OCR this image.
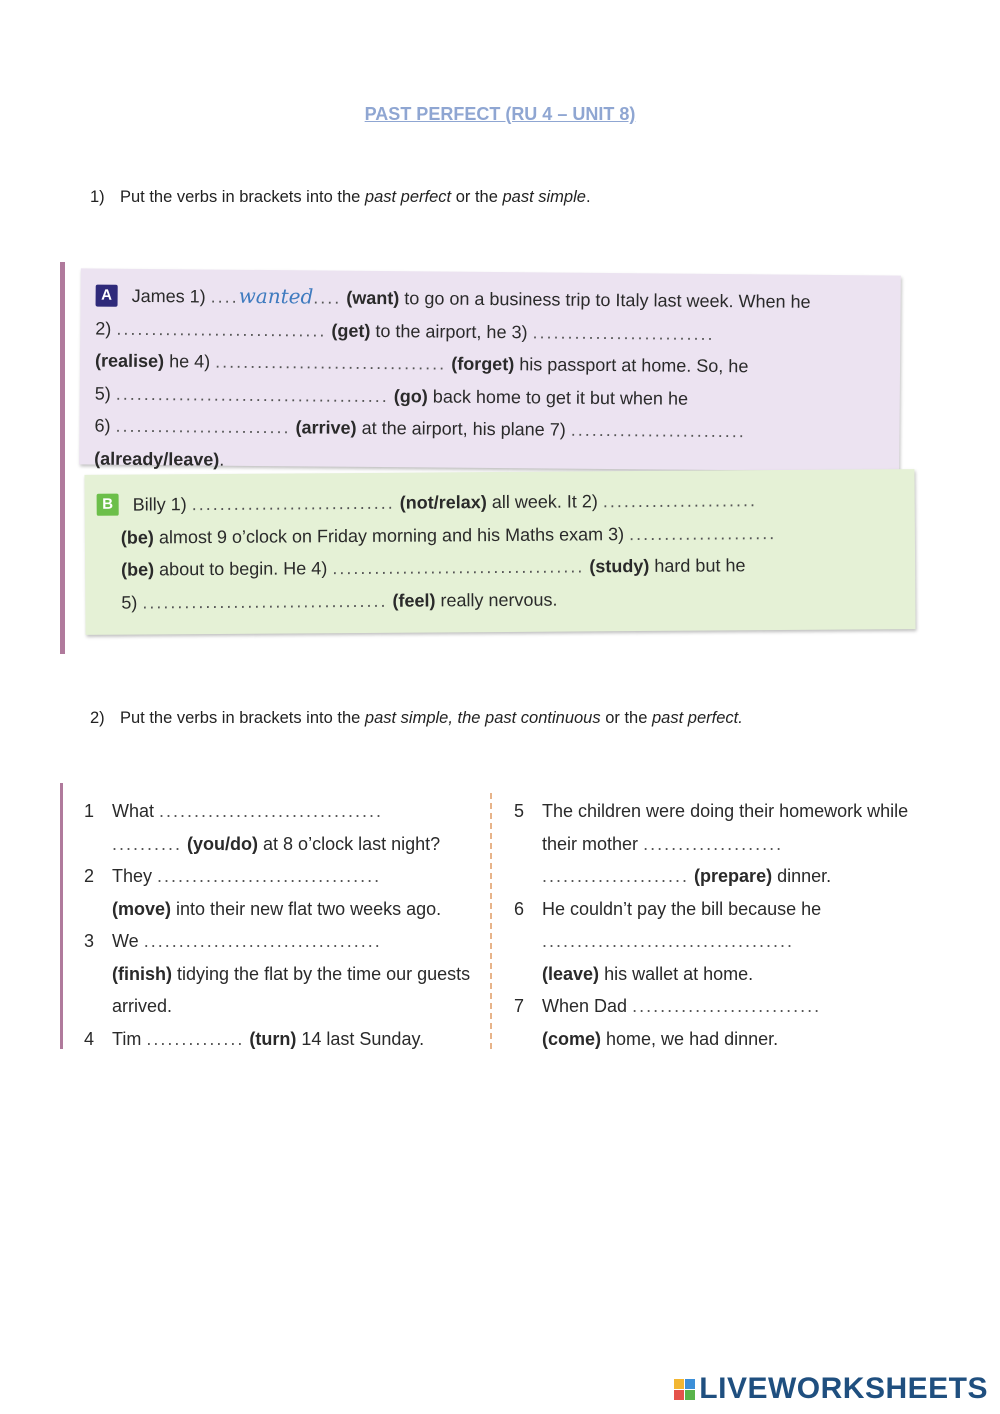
PAST PERFECT (RU 4 – UNIT 8)
1) Put the verbs in brackets into the past perfect or the past simple.
A James 1) ....wanted.... (want) to go on a business trip to Italy last week. When he
2) .............................. (get) to the airport, he 3) ..........................
(realise) he 4) ................................. (forget) his passport at home. So, he
5) ....................................... (go) back home to get it but when he
6) ......................... (arrive) at the airport, his plane 7) .........................
(already/leave).
B Billy 1) ............................. (not/relax) all week. It 2) ......................
(be) almost 9 o’clock on Friday morning and his Maths exam 3) .....................
(be) about to begin. He 4) .................................... (study) hard but he
5) ................................... (feel) really nervous.
2) Put the verbs in brackets into the past simple, the past continuous or the past perfect.
1 What ................................
.......... (you/do) at 8 o’clock last night?
2 They ................................
(move) into their new flat two weeks ago.
3 We ..................................
(finish) tidying the flat by the time our guests arrived.
4 Tim .............. (turn) 14 last Sunday.
5 The children were doing their homework while their mother ....................
..................... (prepare) dinner.
6 He couldn’t pay the bill because he
....................................
(leave) his wallet at home.
7 When Dad ...........................
(come) home, we had dinner.
LIVEWORKSHEETS
